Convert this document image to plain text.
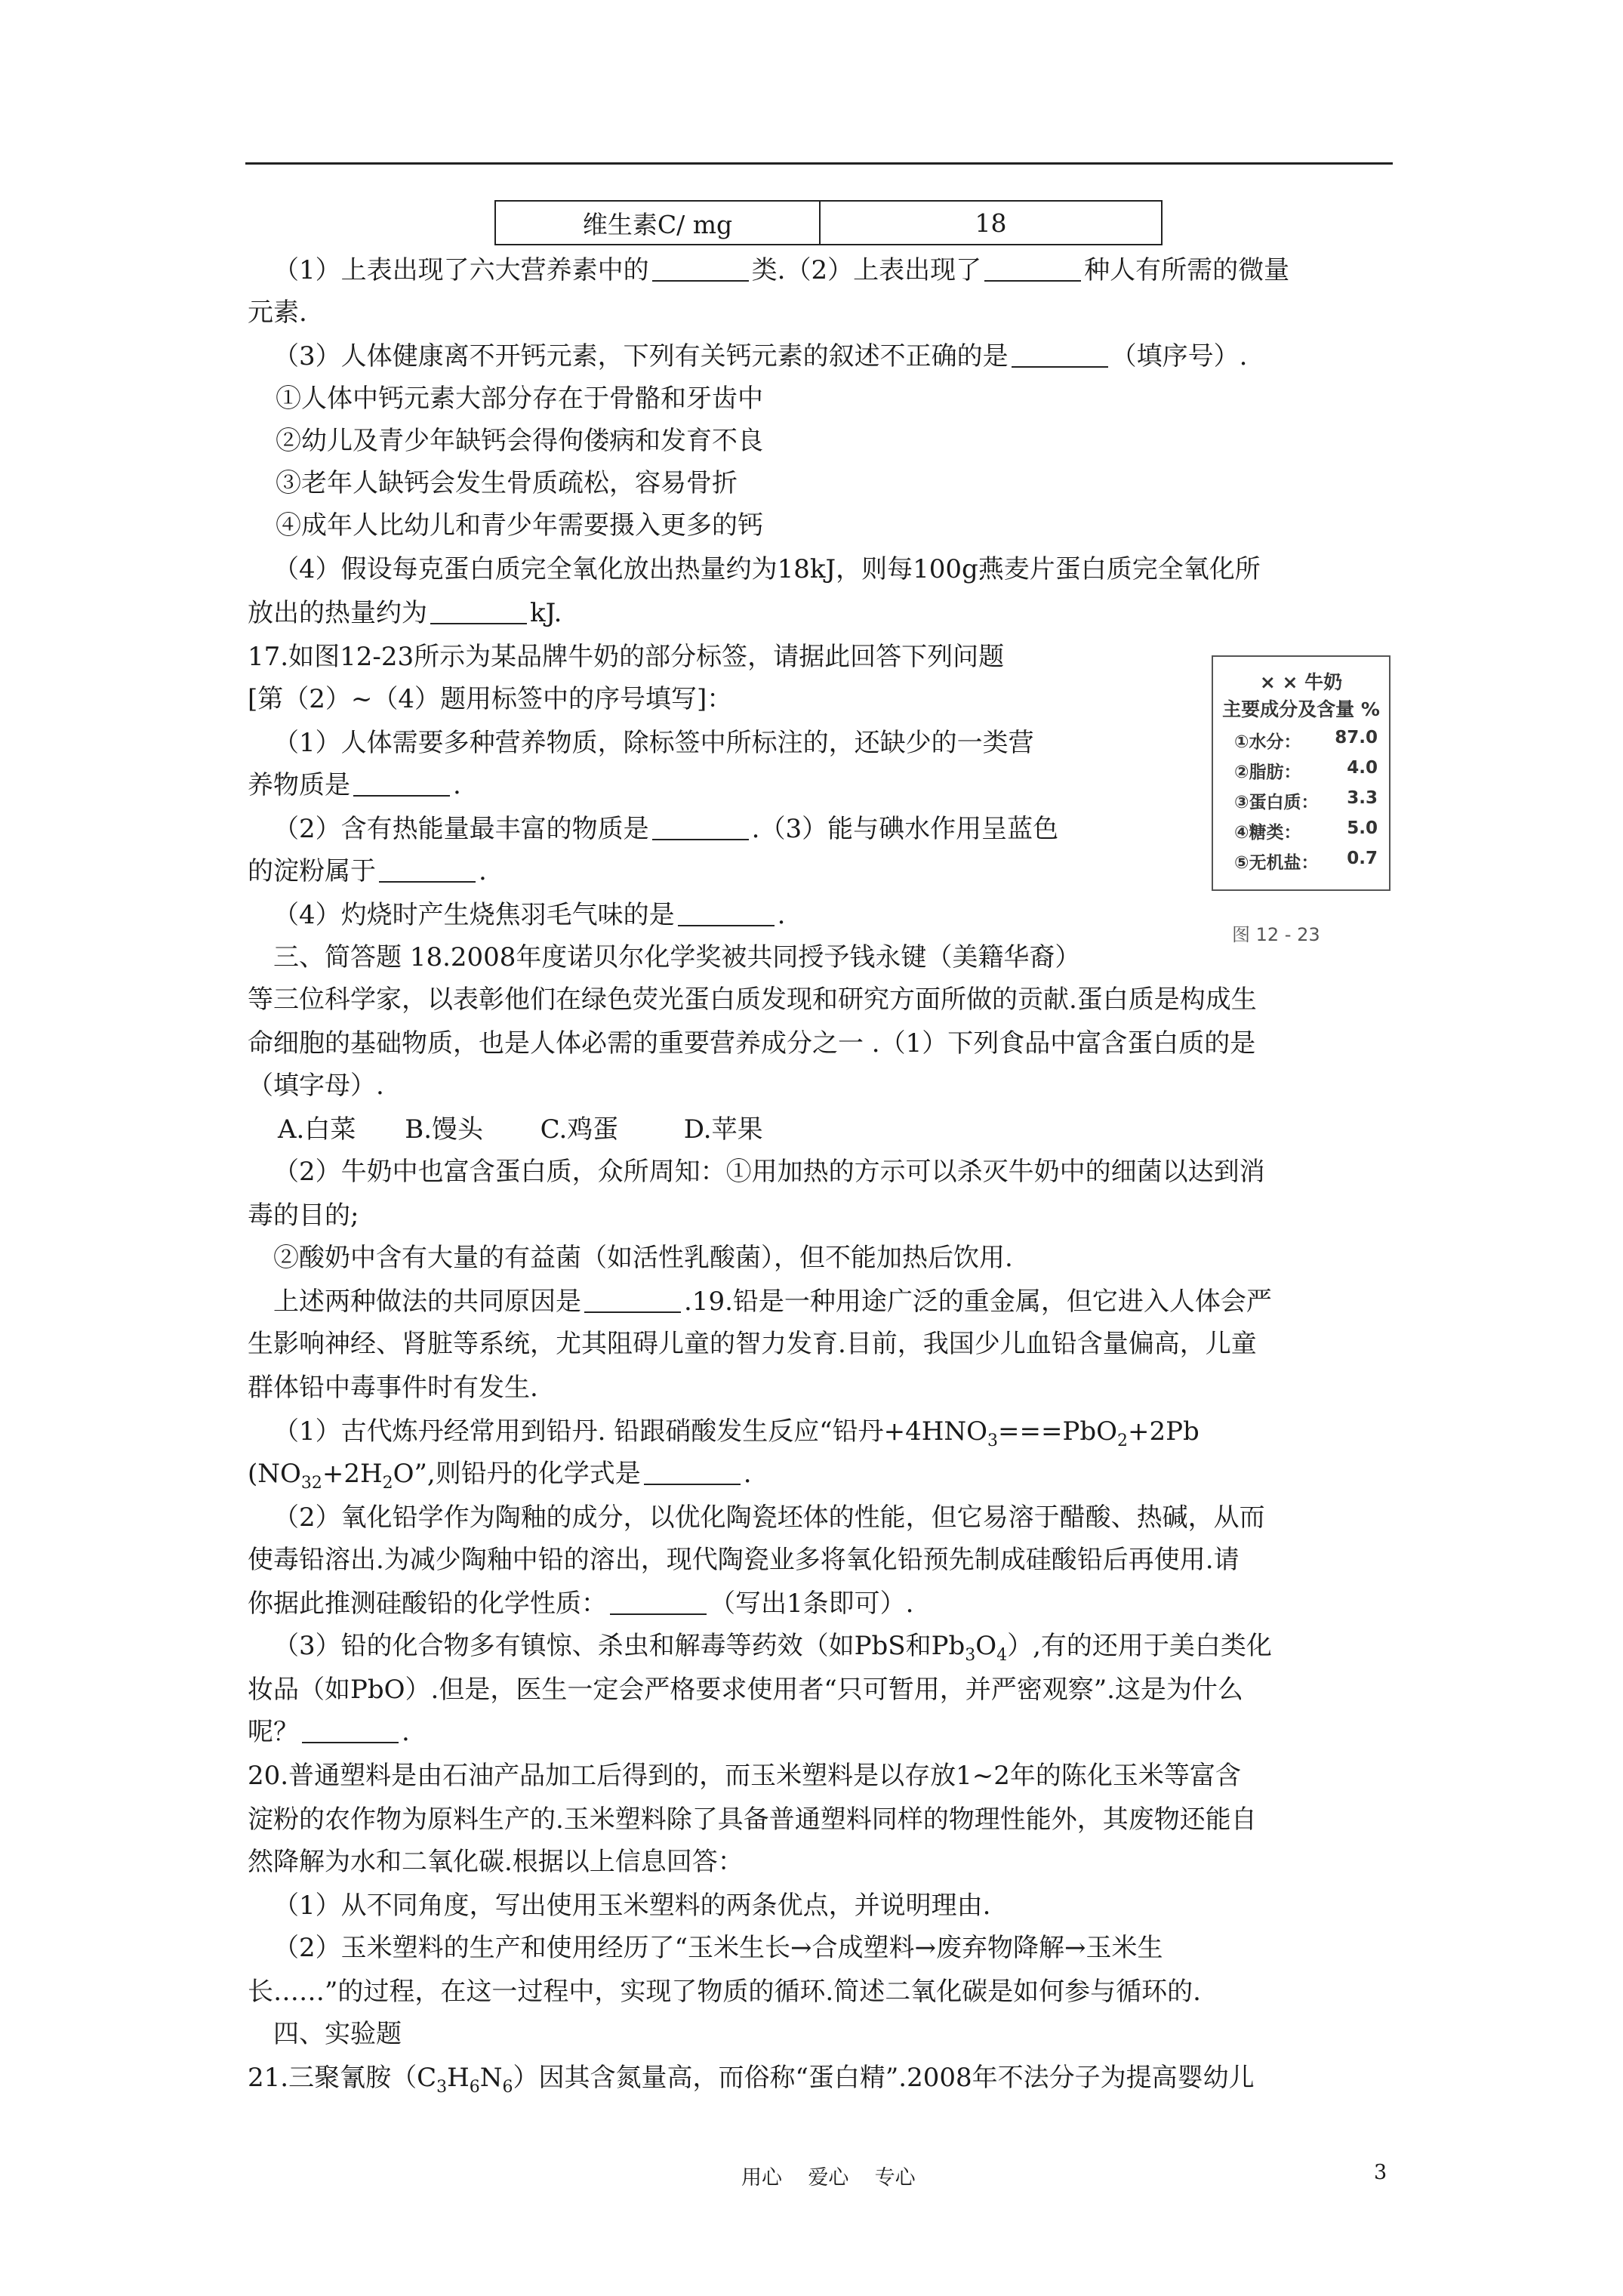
维生素C/ mg	18
（1）上表出现了六大营养素中的	类.（2）上表出现了	种人有所需的微量
元素.
（3）人体健康离不开钙元素，下列有关钙元素的叙述不正确的是	（填序号）.
①人体中钙元素大部分存在于骨骼和牙齿中
②幼儿及青少年缺钙会得佝偻病和发育不良
③老年人缺钙会发生骨质疏松，容易骨折
④成年人比幼儿和青少年需要摄入更多的钙
（4）假设每克蛋白质完全氧化放出热量约为18kJ，则每100g燕麦片蛋白质完全氧化所
放出的热量约为	kJ.
17.如图12-23所示为某品牌牛奶的部分标签，请据此回答下列问题
[第（2）~（4）题用标签中的序号填写]：
（1）人体需要多种营养物质，除标签中所标注的，还缺少的一类营
养物质是	.
（2）含有热能量最丰富的物质是	.（3）能与碘水作用呈蓝色
的淀粉属于	.
（4）灼烧时产生烧焦羽毛气味的是	.
× × 牛奶
主要成分及含量 %
①水分： 87.0
②脂肪：	4.0
③蛋白质： 3.3
④糖类：	5.0
⑤无机盐： 0.7
图 12 - 23
三、简答题 18.2008年度诺贝尔化学奖被共同授予钱永键（美籍华裔）
等三位科学家，以表彰他们在绿色荧光蛋白质发现和研究方面所做的贡献.蛋白质是构成生
命细胞的基础物质，也是人体必需的重要营养成分之一 .（1）下列食品中富含蛋白质的是
（填字母）.
A.白菜      B.馒头       C.鸡蛋        D.苹果
（2）牛奶中也富含蛋白质，众所周知：①用加热的方示可以杀灭牛奶中的细菌以达到消
毒的目的;
②酸奶中含有大量的有益菌（如活性乳酸菌），但不能加热后饮用.
上述两种做法的共同原因是	.19.铅是一种用途广泛的重金属，但它进入人体会严
生影响神经、肾脏等系统，尤其阻碍儿童的智力发育.目前，我国少儿血铅含量偏高，儿童
群体铅中毒事件时有发生.
（1）古代炼丹经常用到铅丹. 铅跟硝酸发生反应“铅丹$+4HNO_3===PbO_2+2Pb$
($NO_{32}+2H_2O$”,则铅丹的化学式是	.
（2）氧化铅学作为陶釉的成分，以优化陶瓷坯体的性能，但它易溶于醋酸、热碱，从而
使毒铅溶出.为减少陶釉中铅的溶出，现代陶瓷业多将氧化铅预先制成硅酸铅后再使用.请
你据此推测硅酸铅的化学性质：	（写出1条即可）.
（3）铅的化合物多有镇惊、杀虫和解毒等药效（如PbS和$Pb_3O_4$）,有的还用于美白类化
妆品（如PbO）.但是，医生一定会严格要求使用者“只可暂用，并严密观察”.这是为什么
呢？	.
20.普通塑料是由石油产品加工后得到的，而玉米塑料是以存放1~2年的陈化玉米等富含
淀粉的农作物为原料生产的.玉米塑料除了具备普通塑料同样的物理性能外，其废物还能自
然降解为水和二氧化碳.根据以上信息回答：
（1）从不同角度，写出使用玉米塑料的两条优点，并说明理由.
（2）玉米塑料的生产和使用经历了“玉米生长→合成塑料→废弃物降解→玉米生
长……”的过程，在这一过程中，实现了物质的循环.简述二氧化碳是如何参与循环的.
四、实验题
21.三聚氰胺$(C_3H_6N_6)$因其含氮量高，而俗称“蛋白精”.2008年不法分子为提高婴幼儿
用心    爱心    专心	3
